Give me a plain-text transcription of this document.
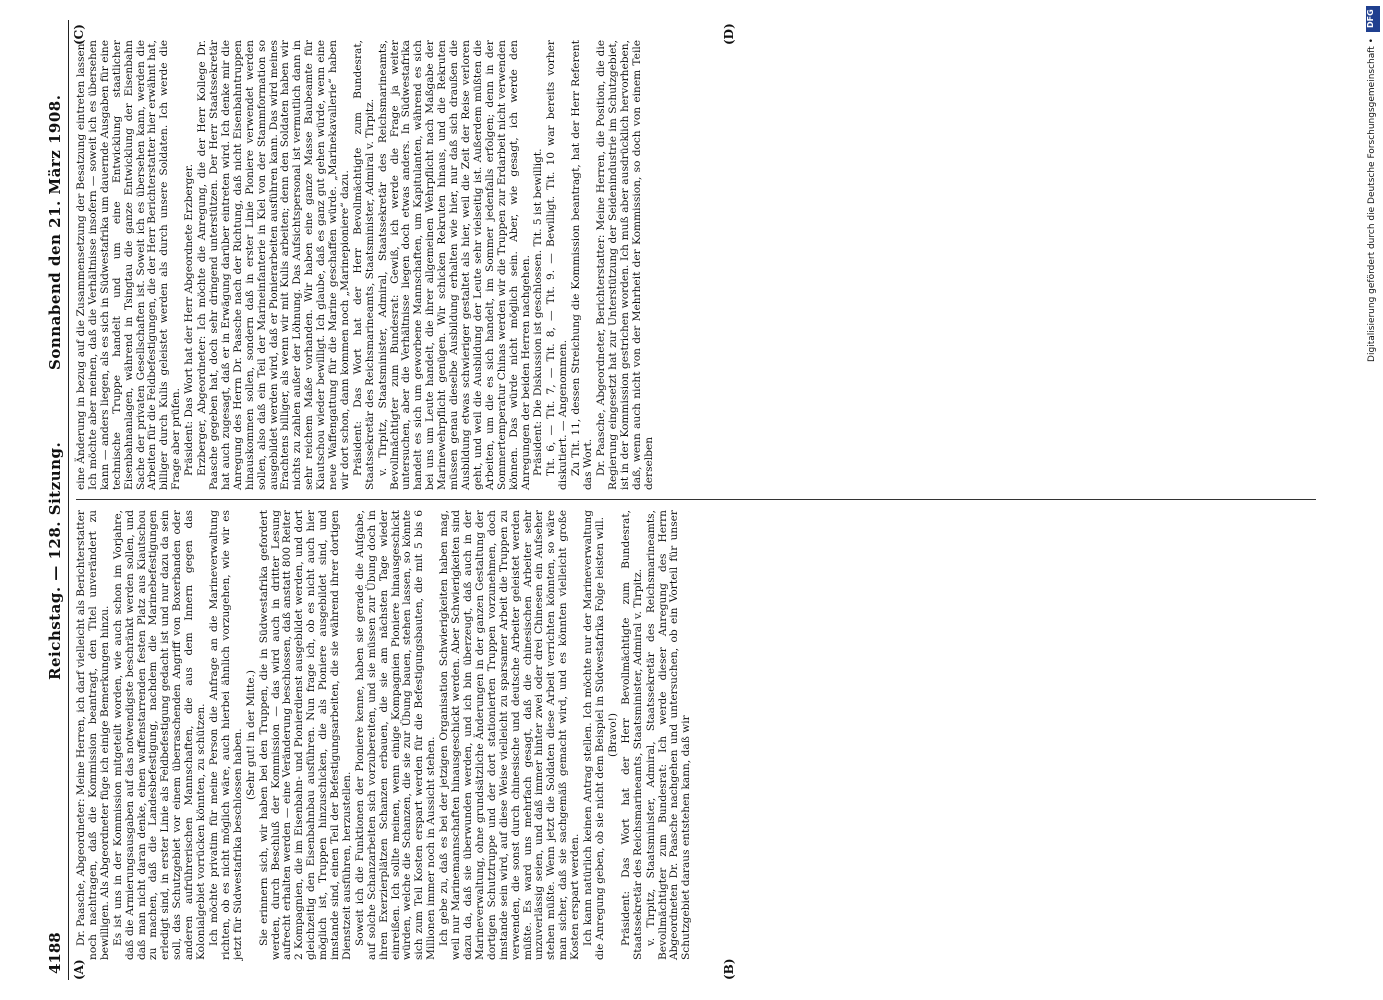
4188
Reichstag. — 128. Sitzung.
Sonnabend den 21. März 1908.
(A)	(B)
(C)	(D)

Dr. Paasche, Abgeordneter: Meine Herren, ich darf vielleicht als Berichterstatter noch nachtragen, daß die Kommission beantragt, den Titel unverändert zu bewilligen. Als Abgeordneter füge ich einige Bemerkungen hinzu. Es ist uns in der Kommission mitgeteilt worden, wie auch schon im Vorjahre, daß die Armierungsausgaben auf das notwendigste beschränkt werden sollen, und daß man nicht daran denke, einen waffenstarrenden festen Platz aus Kiautschou zu machen, daß die Landesbefestigung, nachdem die Marinebefestigungen erledigt sind, in erster Linie als Feldbefestigung gedacht ist und nur dazu da sein soll, das Schutzgebiet vor einem überraschenden Angriff von Boxerbanden oder anderen aufrührerischen Mannschaften, die aus dem Innern gegen das Kolonialgebiet vorrücken könnten, zu schützen. Ich möchte privatim für meine Person die Anfrage an die Marineverwaltung richten, ob es nicht möglich wäre, auch hierbei ähnlich vorzugehen, wie wir es jetzt für Südwestafrika beschlossen haben. (Sehr gut! in der Mitte.) Sie erinnern sich, wir haben bei den Truppen, die in Südwestafrika gefordert werden, durch Beschluß der Kommission — das wird auch in dritter Lesung aufrecht erhalten werden — eine Veränderung beschlossen, daß anstatt 800 Reiter 2 Kompagnien, die im Eisenbahn- und Pionierdienst ausgebildet werden, und dort gleichzeitig den Eisenbahnbau ausführen. Nun frage ich, ob es nicht auch hier möglich ist, Truppen hinzuschicken, die als Pioniere ausgebildet sind, und imstande sind, einen Teil der Befestigungsarbeiten, die sie während ihrer dortigen Dienstzeit ausführen, herzustellen. Soweit ich die Funktionen der Pioniere kenne, haben sie gerade die Aufgabe, auf solche Schanzarbeiten sich vorzubereiten, und sie müssen zur Übung doch in ihren Exerzierplätzen Schanzen erbauen, die sie am nächsten Tage wieder einreißen. Ich sollte meinen, wenn einige Kompagnien Pioniere hinausgeschickt würden, welche die Schanzen, die sie zur Übung bauen, stehen lassen, so könnte sich zum Teil Kosten erspart werden für die Befestigungsbauten, die mit 5 bis 6 Millionen immer noch in Aussicht stehen. Ich gebe zu, daß es bei der jetzigen Organisation Schwierigkeiten haben mag, weil nur Marinemannschaften hinausgeschickt werden. Aber Schwierigkeiten sind dazu da, daß sie überwunden werden, und ich bin überzeugt, daß auch in der Marineverwaltung, ohne grundsätzliche Änderungen in der ganzen Gestaltung der dortigen Schutztruppe und der dort stationierten Truppen vorzunehmen, doch imstande sein wird, auf diese Weise vielleicht zu sparsamer Arbeit die Truppen zu verwenden, die sonst durch chinesische und deutsche Arbeiter geleistet werden müßte. Es ward uns mehrfach gesagt, daß die chinesischen Arbeiter sehr unzuverlässig seien, und daß immer hinter zwei oder drei Chinesen ein Aufseher stehen müßte. Wenn jetzt die Soldaten diese Arbeit verrichten könnten, so wäre man sicher, daß sie sachgemäß gemacht wird, und es könnten vielleicht große Kosten erspart werden. Ich kann natürlich keinen Antrag stellen. Ich möchte nur der Marineverwaltung die Anregung geben, ob sie nicht dem Beispiel in Südwestafrika Folge leisten will. (Bravo!) Präsident: Das Wort hat der Herr Bevollmächtigte zum Bundesrat, Staatssekretär des Reichsmarineamts, Staatsminister, Admiral v. Tirpitz. v. Tirpitz, Staatsminister, Admiral, Staatssekretär des Reichsmarineamts, Bevollmächtigter zum Bundesrat: Ich werde dieser Anregung des Herrn Abgeordneten Dr. Paasche nachgehen und untersuchen, ob ein Vorteil für unser Schutzgebiet daraus entstehen kann, daß wir

eine Änderung in bezug auf die Zusammensetzung der Besatzung eintreten lassen. Ich möchte aber meinen, daß die Verhältnisse insofern — soweit ich es übersehen kann — anders liegen, als es sich in Südwestafrika um dauernde Ausgaben für eine technische Truppe handelt und um eine Entwicklung staatlicher Eisenbahnanlagen, während in Tsingtau die ganze Entwicklung der Eisenbahn Sache der privaten Gesellschaften ist. Soweit ich es übersehen kann, werden die Arbeiten für die Feldbefestigungen, die der Herr Berichterstatter hier erwähnt hat, billiger durch Kulis geleistet werden als durch unsere Soldaten. Ich werde die Frage aber prüfen. Präsident: Das Wort hat der Herr Abgeordnete Erzberger. Erzberger, Abgeordneter: Ich möchte die Anregung, die der Herr Kollege Dr. Paasche gegeben hat, doch sehr dringend unterstützen. Der Herr Staatssekretär hat auch zugesagt, daß er in Erwägung darüber eintreten wird. Ich denke mir die Anregung des Herrn Dr. Paasche nach der Richtung, daß nicht Eisenbahntruppen hinauskommen sollen, sondern daß in erster Linie Pioniere verwendet werden sollen, also daß ein Teil der Marineinfanterie in Kiel von der Stammformation so ausgebildet werden wird, daß er Pionierarbeiten ausführen kann. Das wird meines Erachtens billiger, als wenn wir mit Kulis arbeiten; denn den Soldaten haben wir nichts zu zahlen außer der Löhnung. Das Aufsichtspersonal ist vermutlich dann in sehr reichem Maße vorhanden. Wir haben eine ganze Masse Baubeamte für Kiautschou wieder bewilligt. Ich glaube, daß es ganz gut gehen würde, wenn eine neue Waffengattung für die Marine geschaffen würde. „Marinekavallerie“ haben wir dort schon, dann kommen noch „Marinepioniere“ dazu. Präsident: Das Wort hat der Herr Bevollmächtigte zum Bundesrat, Staatssekretär des Reichsmarineamts, Staatsminister, Admiral v. Tirpitz. v. Tirpitz, Staatsminister, Admiral, Staatssekretär des Reichsmarineamts, Bevollmächtigter zum Bundesrat: Gewiß, ich werde die Frage ja weiter untersuchen, aber die Verhältnisse liegen doch etwas anders. In Südwestafrika handelt es sich um geworbene Mannschaften, um Kapitulanten, während es sich bei uns um Leute handelt, die ihrer allgemeinen Wehrpflicht nach Maßgabe der Marinewehrpflicht genügen. Wir schicken Rekruten hinaus, und die Rekruten müssen genau dieselbe Ausbildung erhalten wie hier, nur daß sich draußen die Ausbildung etwas schwieriger gestaltet als hier, weil die Zeit der Reise verloren geht, und weil die Ausbildung der Leute sehr vielseitig ist. Außerdem müßten die Arbeiten, um die es sich handelt, im Sommer jedenfalls erfolgen; denn in der Sommertemperatur Chinas werden wir die Truppen zur Erdarbeit nicht verwenden können. Das würde nicht möglich sein. Aber, wie gesagt, ich werde den Anregungen der beiden Herren nachgehen. Präsident: Die Diskussion ist geschlossen. Tit. 5 ist bewilligt. Tit. 6, — Tit. 7, — Tit. 8, — Tit. 9. — Bewilligt. Tit. 10 war bereits vorher diskutiert. — Angenommen. Zu Tit. 11, dessen Streichung die Kommission beantragt, hat der Herr Referent das Wort. Dr. Paasche, Abgeordneter, Berichterstatter: Meine Herren, die Position, die die Regierung eingesetzt hat zur Unterstützung der Seidenindustrie im Schutzgebiet, ist in der Kommission gestrichen worden. Ich muß aber ausdrücklich hervorheben, daß, wenn auch nicht von der Mehrheit der Kommission, so doch von einem Teile derselben

DFG
Digitalisierung gefördert durch die Deutsche Forschungsgemeinschaft •
